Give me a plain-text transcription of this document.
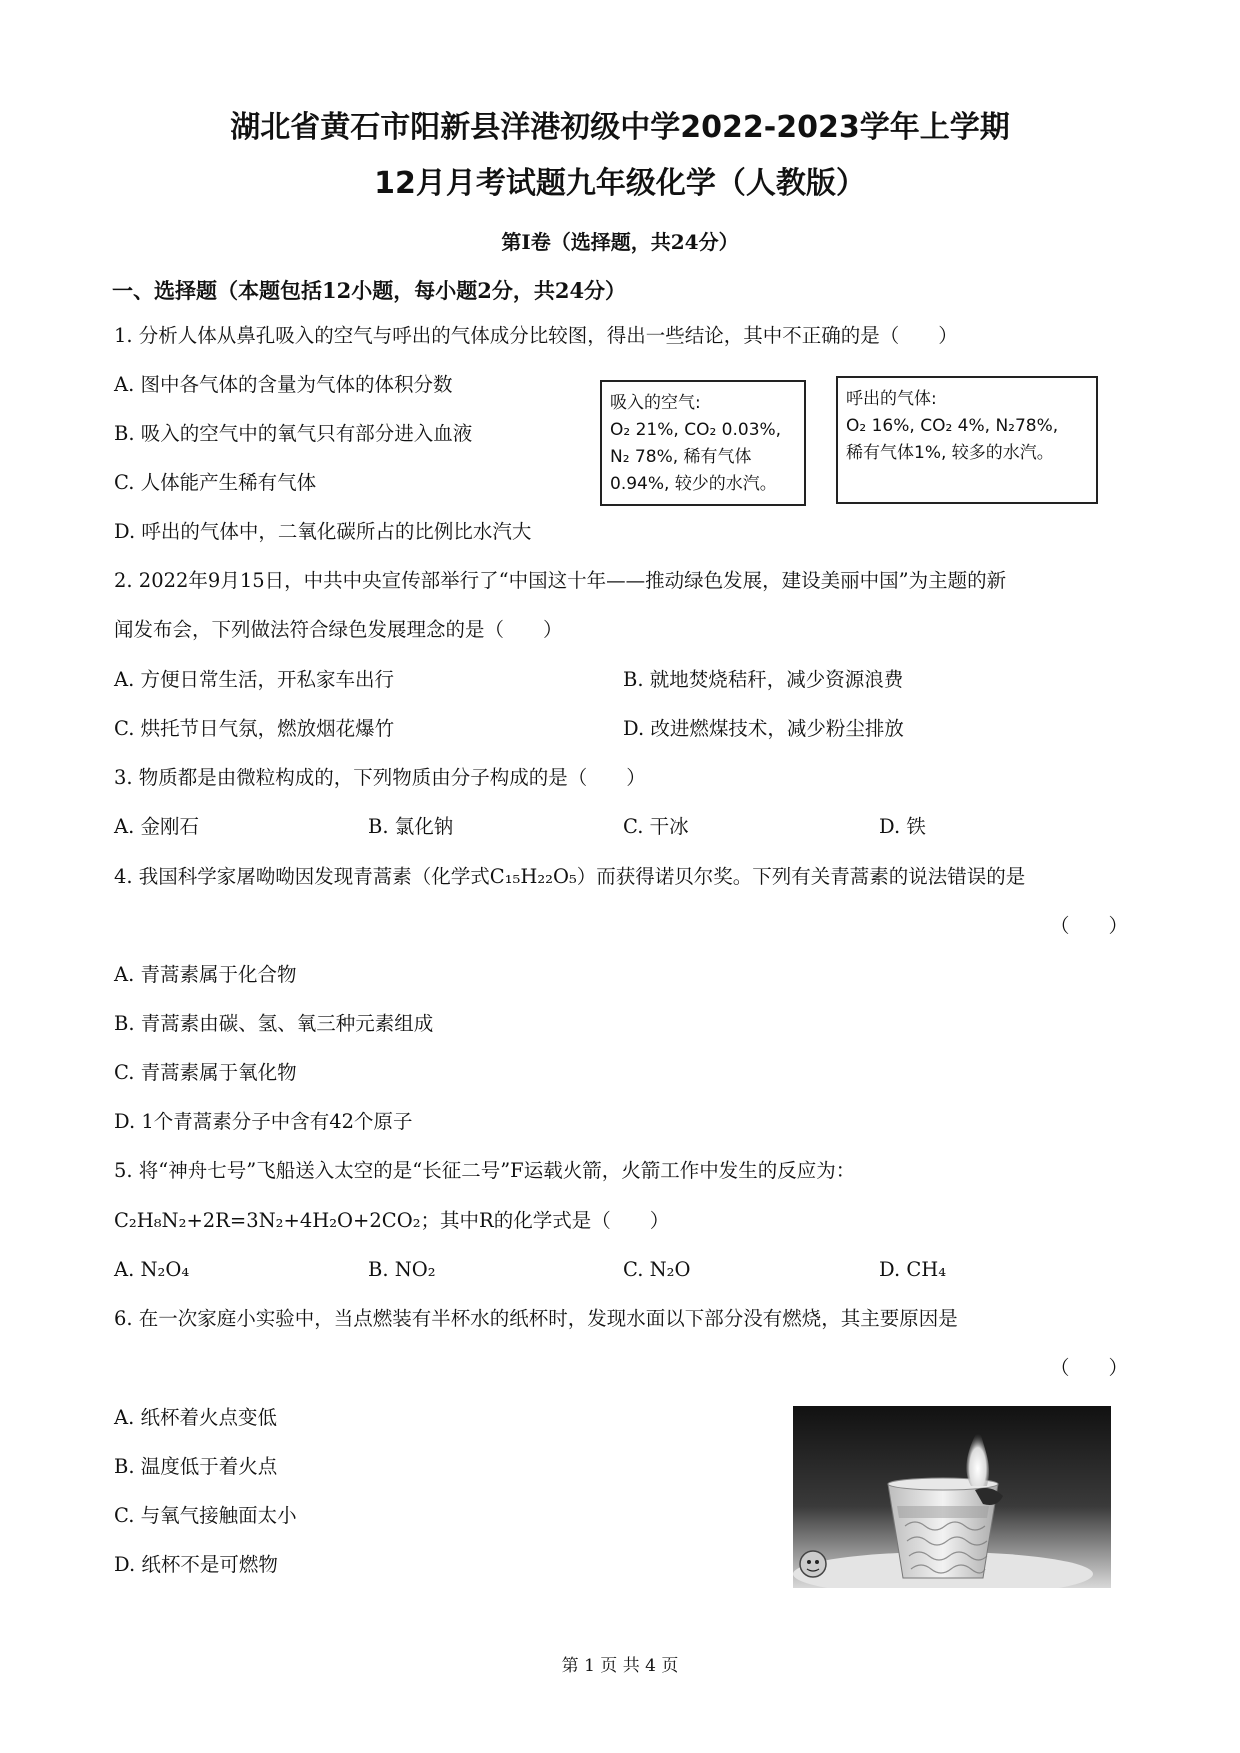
湖北省黄石市阳新县洋港初级中学2022-2023学年上学期
12月月考试题九年级化学（人教版）
第I卷（选择题，共24分）
一、选择题（本题包括12小题，每小题2分，共24分）
1. 分析人体从鼻孔吸入的空气与呼出的气体成分比较图，得出一些结论，其中不正确的是（　　）
A. 图中各气体的含量为气体的体积分数
B. 吸入的空气中的氧气只有部分进入血液
C. 人体能产生稀有气体
D. 呼出的气体中，二氧化碳所占的比例比水汽大
吸入的空气:
O₂ 21%, CO₂ 0.03%,
N₂ 78%, 稀有气体
0.94%, 较少的水汽。
呼出的气体:
O₂ 16%, CO₂ 4%, N₂78%,
稀有气体1%, 较多的水汽。
2. 2022年9月15日，中共中央宣传部举行了“中国这十年——推动绿色发展，建设美丽中国”为主题的新
闻发布会，下列做法符合绿色发展理念的是（　　）
A. 方便日常生活，开私家车出行	B. 就地焚烧秸秆，减少资源浪费
C. 烘托节日气氛，燃放烟花爆竹	D. 改进燃煤技术，减少粉尘排放
3. 物质都是由微粒构成的，下列物质由分子构成的是（　　）
A. 金刚石	B. 氯化钠	C. 干冰	D. 铁
4. 我国科学家屠呦呦因发现青蒿素（化学式C₁₅H₂₂O₅）而获得诺贝尔奖。下列有关青蒿素的说法错误的是
（　　）
A. 青蒿素属于化合物
B. 青蒿素由碳、氢、氧三种元素组成
C. 青蒿素属于氧化物
D. 1个青蒿素分子中含有42个原子
5. 将“神舟七号”飞船送入太空的是“长征二号”F运载火箭，火箭工作中发生的反应为：
C₂H₈N₂+2R=3N₂+4H₂O+2CO₂；其中R的化学式是（　　）
A. N₂O₄	B. NO₂	C. N₂O	D. CH₄
6. 在一次家庭小实验中，当点燃装有半杯水的纸杯时，发现水面以下部分没有燃烧，其主要原因是
（　　）
A. 纸杯着火点变低
B. 温度低于着火点
C. 与氧气接触面太小
D. 纸杯不是可燃物
第 1 页 共 4 页
